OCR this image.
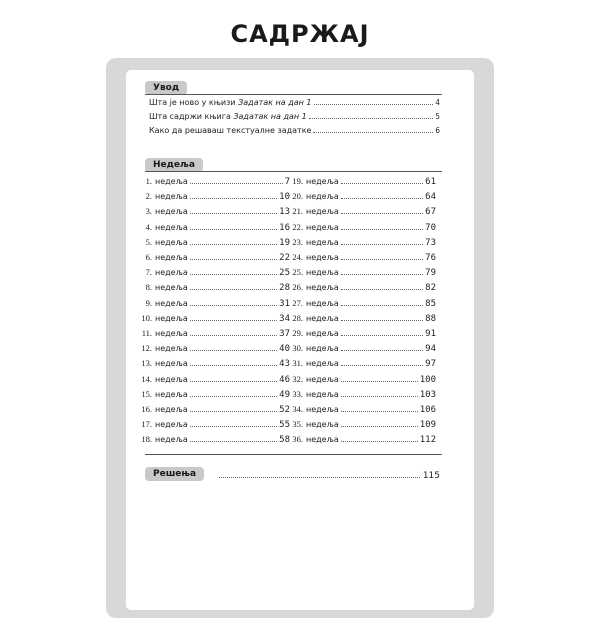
САДРЖАЈ
Увод
Шта је ново у књизи Задатак на дан 1	4
Шта садржи књига Задатак на дан 1	5
Како да решаваш текстуалне задатке	6
Недеља
1. недеља	7
2. недеља	10
3. недеља	13
4. недеља	16
5. недеља	19
6. недеља	22
7. недеља	25
8. недеља	28
9. недеља	31
10. недеља	34
11. недеља	37
12. недеља	40
13. недеља	43
14. недеља	46
15. недеља	49
16. недеља	52
17. недеља	55
18. недеља	58
19. недеља	61
20. недеља	64
21. недеља	67
22. недеља	70
23. недеља	73
24. недеља	76
25. недеља	79
26. недеља	82
27. недеља	85
28. недеља	88
29. недеља	91
30. недеља	94
31. недеља	97
32. недеља	100
33. недеља	103
34. недеља	106
35. недеља	109
36. недеља	112
Решења	115
